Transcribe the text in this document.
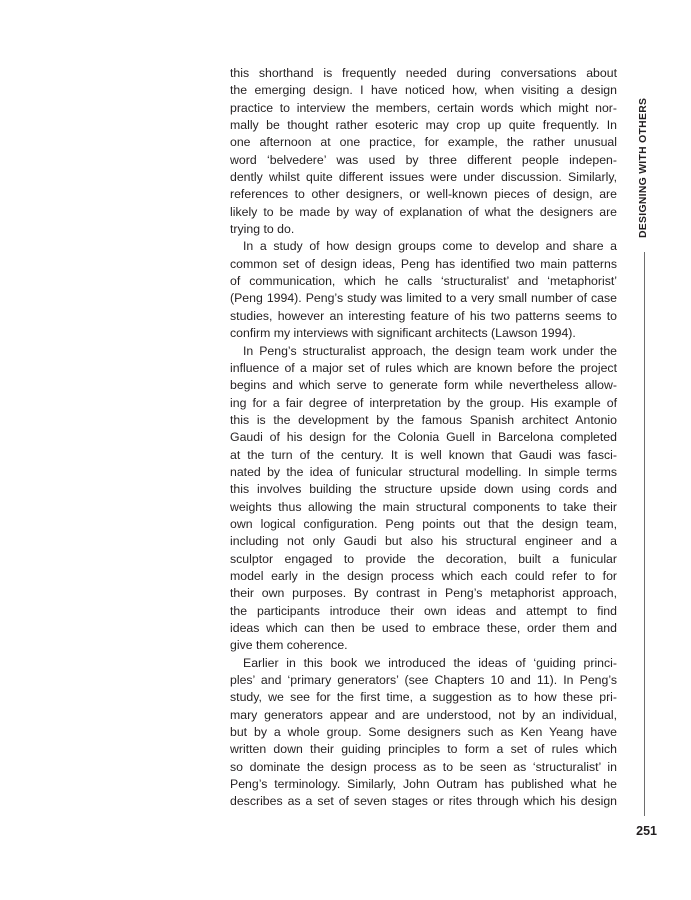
this shorthand is frequently needed during conversations about
the emerging design. I have noticed how, when visiting a design
practice to interview the members, certain words which might nor-
mally be thought rather esoteric may crop up quite frequently. In
one afternoon at one practice, for example, the rather unusual
word ‘belvedere’ was used by three different people indepen-
dently whilst quite different issues were under discussion. Similarly,
references to other designers, or well-known pieces of design, are
likely to be made by way of explanation of what the designers are
trying to do.
In a study of how design groups come to develop and share a
common set of design ideas, Peng has identified two main patterns
of communication, which he calls ‘structuralist’ and ‘metaphorist’
(Peng 1994). Peng’s study was limited to a very small number of case
studies, however an interesting feature of his two patterns seems to
confirm my interviews with significant architects (Lawson 1994).
In Peng’s structuralist approach, the design team work under the
influence of a major set of rules which are known before the project
begins and which serve to generate form while nevertheless allow-
ing for a fair degree of interpretation by the group. His example of
this is the development by the famous Spanish architect Antonio
Gaudi of his design for the Colonia Guell in Barcelona completed
at the turn of the century. It is well known that Gaudi was fasci-
nated by the idea of funicular structural modelling. In simple terms
this involves building the structure upside down using cords and
weights thus allowing the main structural components to take their
own logical configuration. Peng points out that the design team,
including not only Gaudi but also his structural engineer and a
sculptor engaged to provide the decoration, built a funicular
model early in the design process which each could refer to for
their own purposes. By contrast in Peng’s metaphorist approach,
the participants introduce their own ideas and attempt to find
ideas which can then be used to embrace these, order them and
give them coherence.
Earlier in this book we introduced the ideas of ‘guiding princi-
ples’ and ‘primary generators’ (see Chapters 10 and 11). In Peng’s
study, we see for the first time, a suggestion as to how these pri-
mary generators appear and are understood, not by an individual,
but by a whole group. Some designers such as Ken Yeang have
written down their guiding principles to form a set of rules which
so dominate the design process as to be seen as ‘structuralist’ in
Peng’s terminology. Similarly, John Outram has published what he
describes as a set of seven stages or rites through which his design
DESIGNING WITH OTHERS
251
